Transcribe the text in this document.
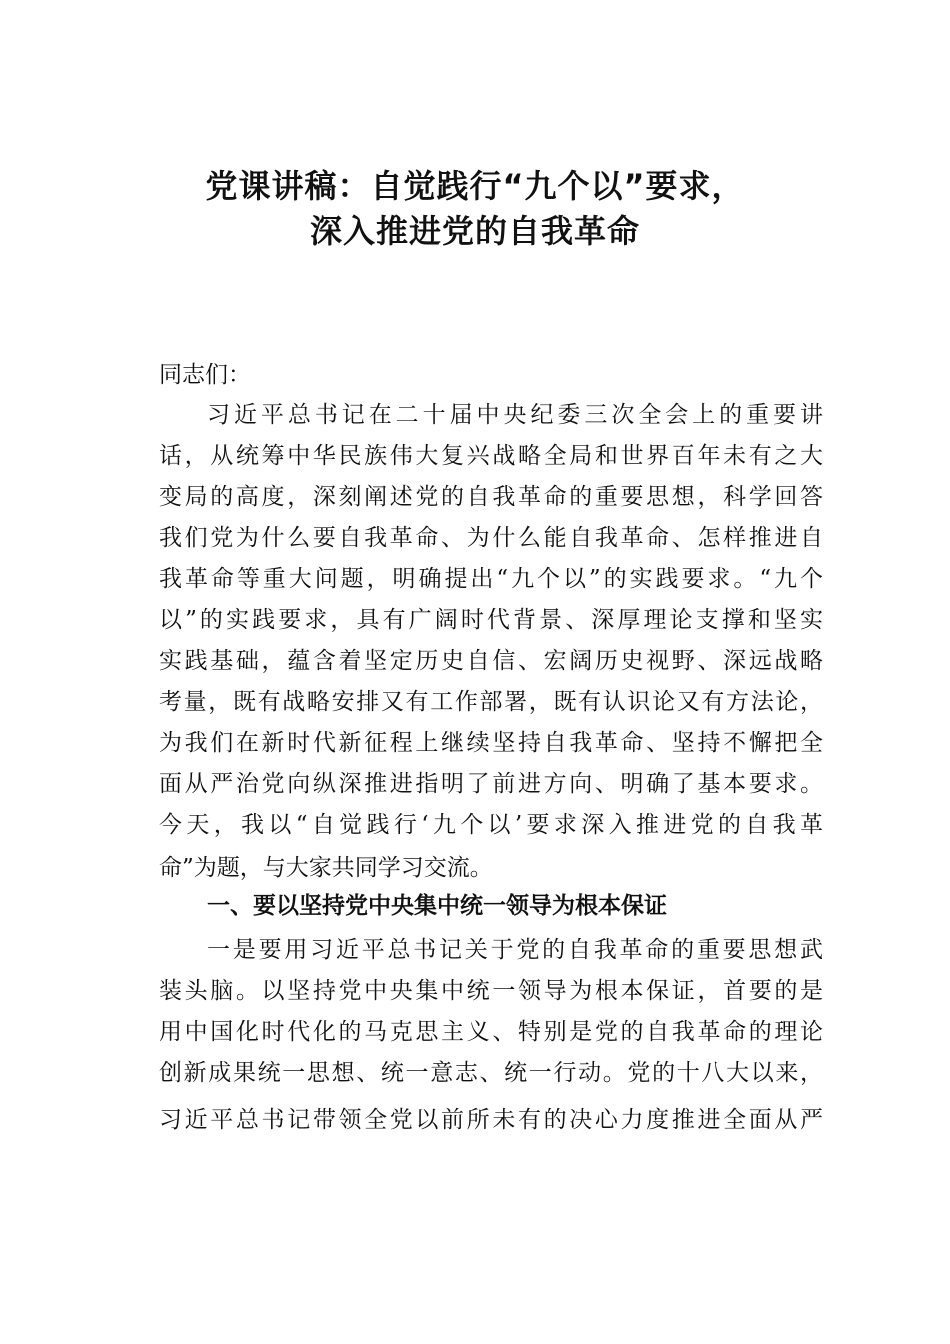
党课讲稿：自觉践行“九个以”要求，
深入推进党的自我革命
同志们：
习近平总书记在二十届中央纪委三次全会上的重要讲
话，从统筹中华民族伟大复兴战略全局和世界百年未有之大
变局的高度，深刻阐述党的自我革命的重要思想，科学回答
我们党为什么要自我革命、为什么能自我革命、怎样推进自
我革命等重大问题，明确提出“九个以”的实践要求。“九个
以”的实践要求，具有广阔时代背景、深厚理论支撑和坚实
实践基础，蕴含着坚定历史自信、宏阔历史视野、深远战略
考量，既有战略安排又有工作部署，既有认识论又有方法论，
为我们在新时代新征程上继续坚持自我革命、坚持不懈把全
面从严治党向纵深推进指明了前进方向、明确了基本要求。
今天，我以“自觉践行‘九个以’要求深入推进党的自我革
命”为题，与大家共同学习交流。
一、要以坚持党中央集中统一领导为根本保证
一是要用习近平总书记关于党的自我革命的重要思想武
装头脑。以坚持党中央集中统一领导为根本保证，首要的是
用中国化时代化的马克思主义、特别是党的自我革命的理论
创新成果统一思想、统一意志、统一行动。党的十八大以来，
习近平总书记带领全党以前所未有的决心力度推进全面从严
